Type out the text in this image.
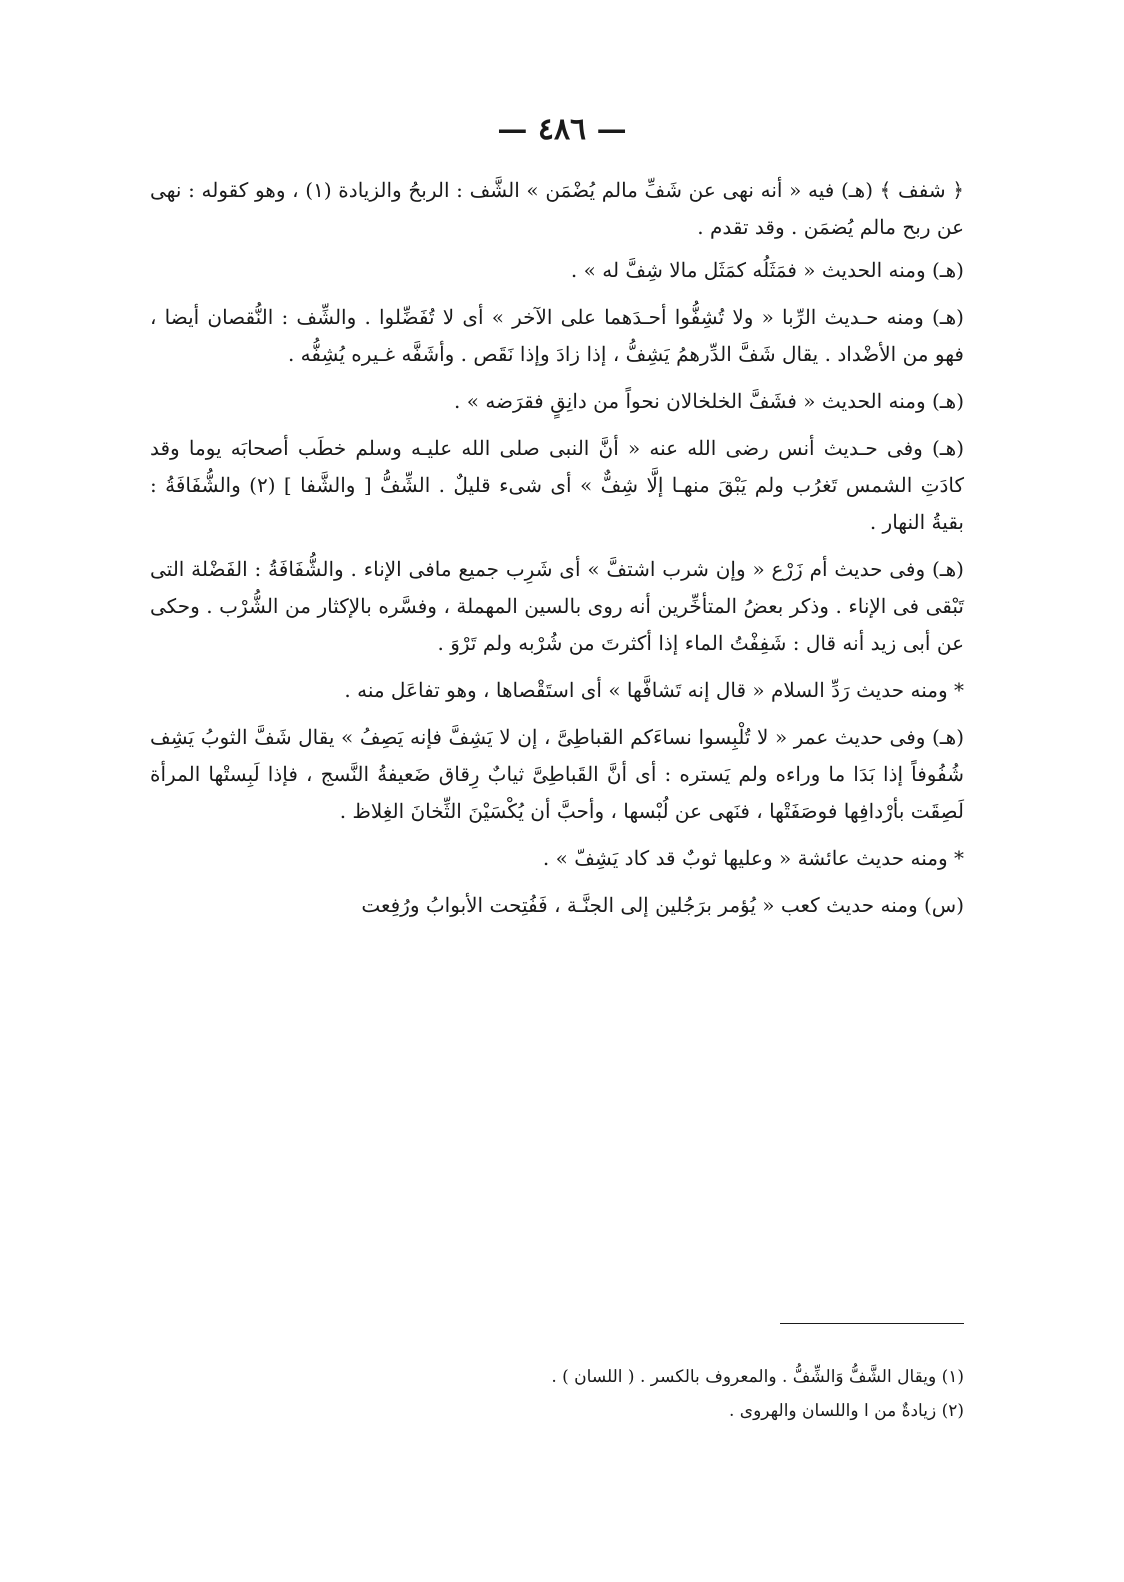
— ٤٨٦ —

﴿ شفف ﴾ (هـ) فيه « أنه نهى عن شَفِّ مالم يُضْمَن » الشَّف : الربحُ والزيادة (١) ، وهو كقوله : نهى عن ربح مالم يُضمَن . وقد تقدم .

(هـ) ومنه الحديث « فمَثَلُه كمَثَل مالا شِفَّ له » .

(هـ) ومنه حـديث الرِّبا « ولا تُشِفُّوا أحـدَهما على الآخر » أى لا تُفَضِّلوا . والشِّف : النُّقصان أيضا ، فهو من الأضْداد . يقال شَفَّ الدِّرهمُ يَشِفُّ ، إذا زادَ وإذا نَقَص . وأشَفَّه غـيره يُشِفُّه .

(هـ) ومنه الحديث « فشَفَّ الخلخالان نحواً من دانِقٍ فقرَضه » .

(هـ) وفى حـديث أنس رضى الله عنه « أنَّ النبى صلى الله عليـه وسلم خطَب أصحابَه يوما وقد كادَتِ الشمس تَغرُب ولم يَبْقَ منهـا إلَّا شِفٌّ » أى شىء قليلٌ . الشِّفُّ [ والشَّفا ] (٢) والشُّفَافَةُ : بقيةُ النهار .

(هـ) وفى حديث أم زَرْع « وإن شرب اشتفَّ » أى شَرِب جميع مافى الإناء . والشُّفَافَةُ : الفَضْلة التى تَبْقى فى الإناء . وذكر بعضُ المتأخِّرين أنه روى بالسين المهملة ، وفسَّره بالإكثار من الشُّرْب . وحكى عن أبى زيد أنه قال : شَفِفْتُ الماء إذا أكثرتَ من شُرْبه ولم تَرْوَ .

* ومنه حديث رَدِّ السلام « قال إنه تَشافَّها » أى استَقْصاها ، وهو تفاعَل منه .

(هـ) وفى حديث عمر « لا تُلْبِسوا نساءَكم القباطِىَّ ، إن لا يَشِفَّ فإنه يَصِفُ » يقال شَفَّ الثوبُ يَشِف شُفُوفاً إذا بَدَا ما وراءه ولم يَستره : أى أنَّ القَباطِىَّ ثيابٌ رِقاق ضَعيفةُ النَّسج ، فإذا لَبِستْها المرأة لَصِقَت بأرْدافِها فوصَفَتْها ، فنَهى عن لُبْسها ، وأحبَّ أن يُكْسَيْنَ الثِّخانَ الغِلاظ .

* ومنه حديث عائشة « وعليها ثوبٌ قد كاد يَشِفّ » .

(س) ومنه حديث كعب « يُؤمر برَجُلين إلى الجنَّـة ، فَفُتِحت الأبوابُ ورُفِعت

(١) ويقال الشَّفُّ وَالشِّفُّ . والمعروف بالكسر . ( اللسان ) .

(٢) زيادةٌ من ا واللسان والهروى .
